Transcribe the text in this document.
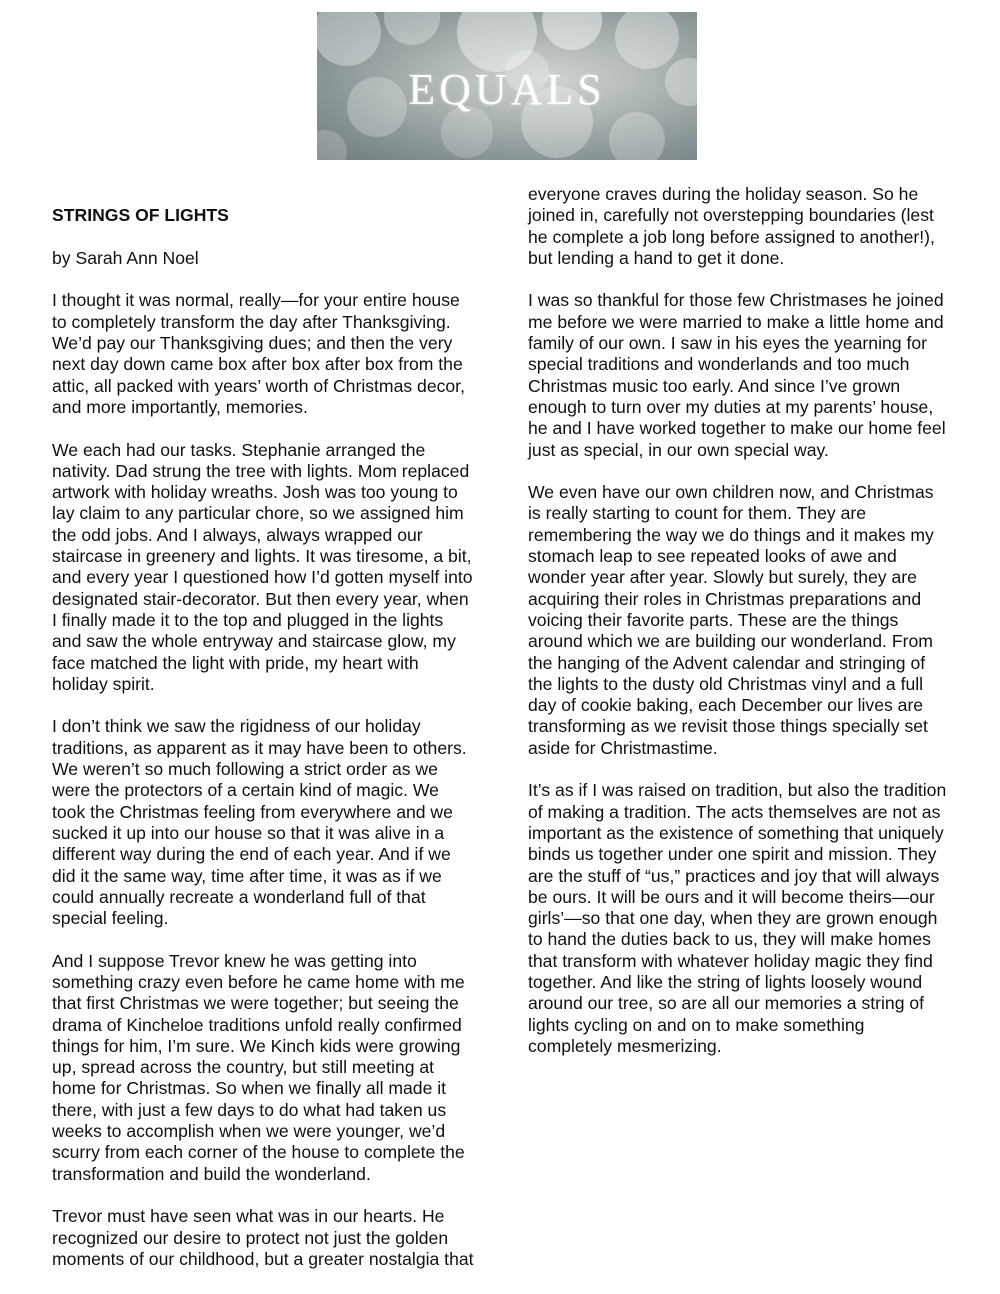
EQUALS

STRINGS OF LIGHTS

by Sarah Ann Noel

I thought it was normal, really—for your entire house
to completely transform the day after Thanksgiving.
We’d pay our Thanksgiving dues; and then the very
next day down came box after box after box from the
attic, all packed with years’ worth of Christmas decor,
and more importantly, memories.

We each had our tasks. Stephanie arranged the
nativity. Dad strung the tree with lights. Mom replaced
artwork with holiday wreaths. Josh was too young to
lay claim to any particular chore, so we assigned him
the odd jobs. And I always, always wrapped our
staircase in greenery and lights. It was tiresome, a bit,
and every year I questioned how I’d gotten myself into
designated stair-decorator. But then every year, when
I finally made it to the top and plugged in the lights
and saw the whole entryway and staircase glow, my
face matched the light with pride, my heart with
holiday spirit.

I don’t think we saw the rigidness of our holiday
traditions, as apparent as it may have been to others.
We weren’t so much following a strict order as we
were the protectors of a certain kind of magic. We
took the Christmas feeling from everywhere and we
sucked it up into our house so that it was alive in a
different way during the end of each year. And if we
did it the same way, time after time, it was as if we
could annually recreate a wonderland full of that
special feeling.

And I suppose Trevor knew he was getting into
something crazy even before he came home with me
that first Christmas we were together; but seeing the
drama of Kincheloe traditions unfold really confirmed
things for him, I’m sure. We Kinch kids were growing
up, spread across the country, but still meeting at
home for Christmas. So when we finally all made it
there, with just a few days to do what had taken us
weeks to accomplish when we were younger, we’d
scurry from each corner of the house to complete the
transformation and build the wonderland.

Trevor must have seen what was in our hearts. He
recognized our desire to protect not just the golden
moments of our childhood, but a greater nostalgia that

everyone craves during the holiday season. So he
joined in, carefully not overstepping boundaries (lest
he complete a job long before assigned to another!),
but lending a hand to get it done.

I was so thankful for those few Christmases he joined
me before we were married to make a little home and
family of our own. I saw in his eyes the yearning for
special traditions and wonderlands and too much
Christmas music too early. And since I’ve grown
enough to turn over my duties at my parents’ house,
he and I have worked together to make our home feel
just as special, in our own special way.

We even have our own children now, and Christmas
is really starting to count for them. They are
remembering the way we do things and it makes my
stomach leap to see repeated looks of awe and
wonder year after year. Slowly but surely, they are
acquiring their roles in Christmas preparations and
voicing their favorite parts. These are the things
around which we are building our wonderland. From
the hanging of the Advent calendar and stringing of
the lights to the dusty old Christmas vinyl and a full
day of cookie baking, each December our lives are
transforming as we revisit those things specially set
aside for Christmastime.

It’s as if I was raised on tradition, but also the tradition
of making a tradition. The acts themselves are not as
important as the existence of something that uniquely
binds us together under one spirit and mission. They
are the stuff of “us,” practices and joy that will always
be ours. It will be ours and it will become theirs—our
girls’—so that one day, when they are grown enough
to hand the duties back to us, they will make homes
that transform with whatever holiday magic they find
together. And like the string of lights loosely wound
around our tree, so are all our memories a string of
lights cycling on and on to make something
completely mesmerizing.
